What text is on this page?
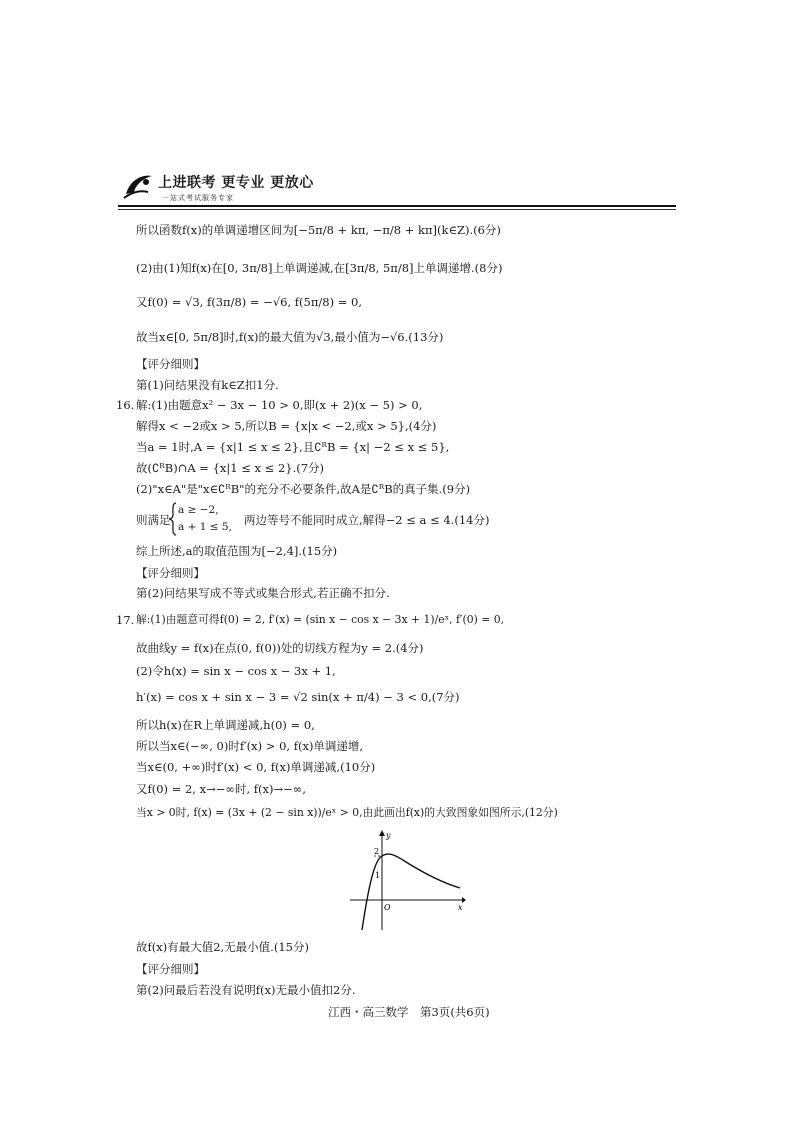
上进联考 更专业 更放心
一站式考试服务专家
所以函数f(x)的单调递增区间为[−5π/8 + kπ, −π/8 + kπ](k∈Z).(6分)
(2)由(1)知f(x)在[0, 3π/8]上单调递减,在[3π/8, 5π/8]上单调递增.(8分)
又f(0) = √3, f(3π/8) = −√6, f(5π/8) = 0,
故当x∈[0, 5π/8]时,f(x)的最大值为√3,最小值为−√6.(13分)
【评分细则】
第(1)问结果没有k∈Z扣1分.
16. 解:(1)由题意x² − 3x − 10 > 0,即(x + 2)(x − 5) > 0,
解得x < −2或x > 5,所以B = {x|x < −2,或x > 5},(4分)
当a = 1时,A = {x|1 ≤ x ≤ 2},且∁ᴿB = {x| −2 ≤ x ≤ 5},
故(∁ᴿB)∩A = {x|1 ≤ x ≤ 2}.(7分)
(2)"x∈A"是"x∈∁ᴿB"的充分不必要条件,故A是∁ᴿB的真子集.(9分)
则满足
a ≥ −2,
a + 1 ≤ 5, 两边等号不能同时成立,解得−2 ≤ a ≤ 4.(14分)
综上所述,a的取值范围为[−2,4].(15分)
【评分细则】
第(2)问结果写成不等式或集合形式,若正确不扣分.
17. 解:(1)由题意可得f(0) = 2, f′(x) = (sin x − cos x − 3x + 1)/eˣ, f′(0) = 0,
故曲线y = f(x)在点(0, f(0))处的切线方程为y = 2.(4分)
(2)令h(x) = sin x − cos x − 3x + 1,
h′(x) = cos x + sin x − 3 = √2 sin(x + π/4) − 3 < 0,(7分)
所以h(x)在R上单调递减,h(0) = 0,
所以当x∈(−∞, 0)时f′(x) > 0, f(x)单调递增,
当x∈(0, +∞)时f′(x) < 0, f(x)单调递减,(10分)
又f(0) = 2, x→−∞时, f(x)→−∞,
当x > 0时, f(x) = (3x + (2 − sin x))/eˣ > 0,由此画出f(x)的大致图象如图所示,(12分)
y
x
O
2
1
故f(x)有最大值2,无最小值.(15分)
【评分细则】
第(2)问最后若没有说明f(x)无最小值扣2分.
江西・高三数学　第3页(共6页)
